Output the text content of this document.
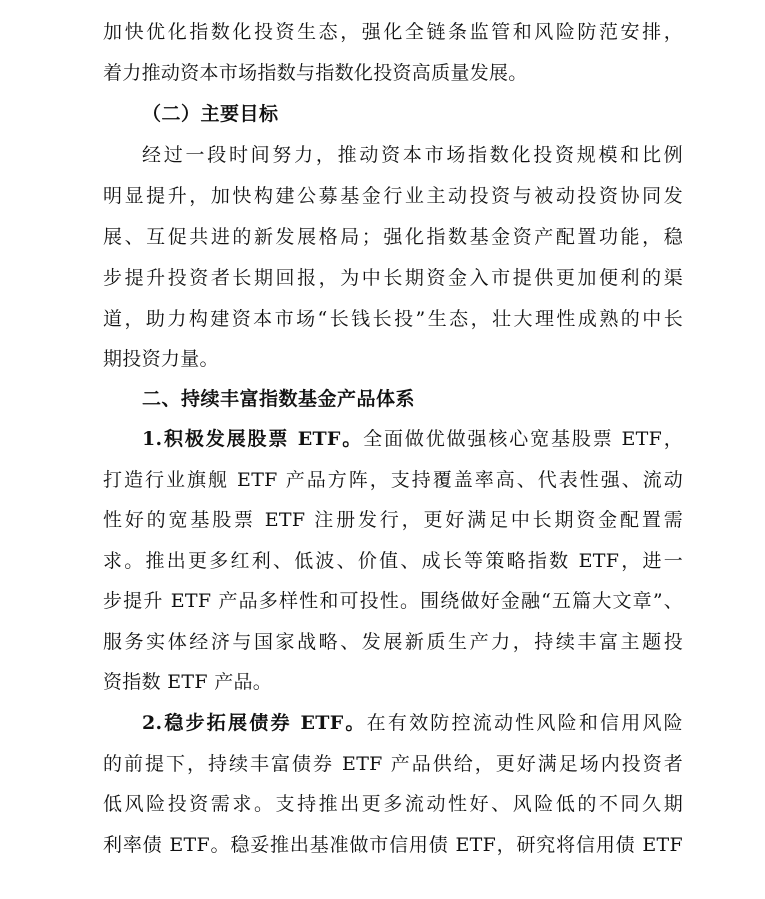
加快优化指数化投资生态，强化全链条监管和风险防范安排，
着力推动资本市场指数与指数化投资高质量发展。
（二）主要目标
经过一段时间努力，推动资本市场指数化投资规模和比例
明显提升，加快构建公募基金行业主动投资与被动投资协同发
展、互促共进的新发展格局；强化指数基金资产配置功能，稳
步提升投资者长期回报，为中长期资金入市提供更加便利的渠
道，助力构建资本市场“长钱长投”生态，壮大理性成熟的中长
期投资力量。
二、持续丰富指数基金产品体系
1.积极发展股票 ETF。全面做优做强核心宽基股票 ETF，
打造行业旗舰 ETF 产品方阵，支持覆盖率高、代表性强、流动
性好的宽基股票 ETF 注册发行，更好满足中长期资金配置需
求。推出更多红利、低波、价值、成长等策略指数 ETF，进一
步提升 ETF 产品多样性和可投性。围绕做好金融“五篇大文章”、
服务实体经济与国家战略、发展新质生产力，持续丰富主题投
资指数 ETF 产品。
2.稳步拓展债券 ETF。在有效防控流动性风险和信用风险
的前提下，持续丰富债券 ETF 产品供给，更好满足场内投资者
低风险投资需求。支持推出更多流动性好、风险低的不同久期
利率债 ETF。稳妥推出基准做市信用债 ETF，研究将信用债 ETF
